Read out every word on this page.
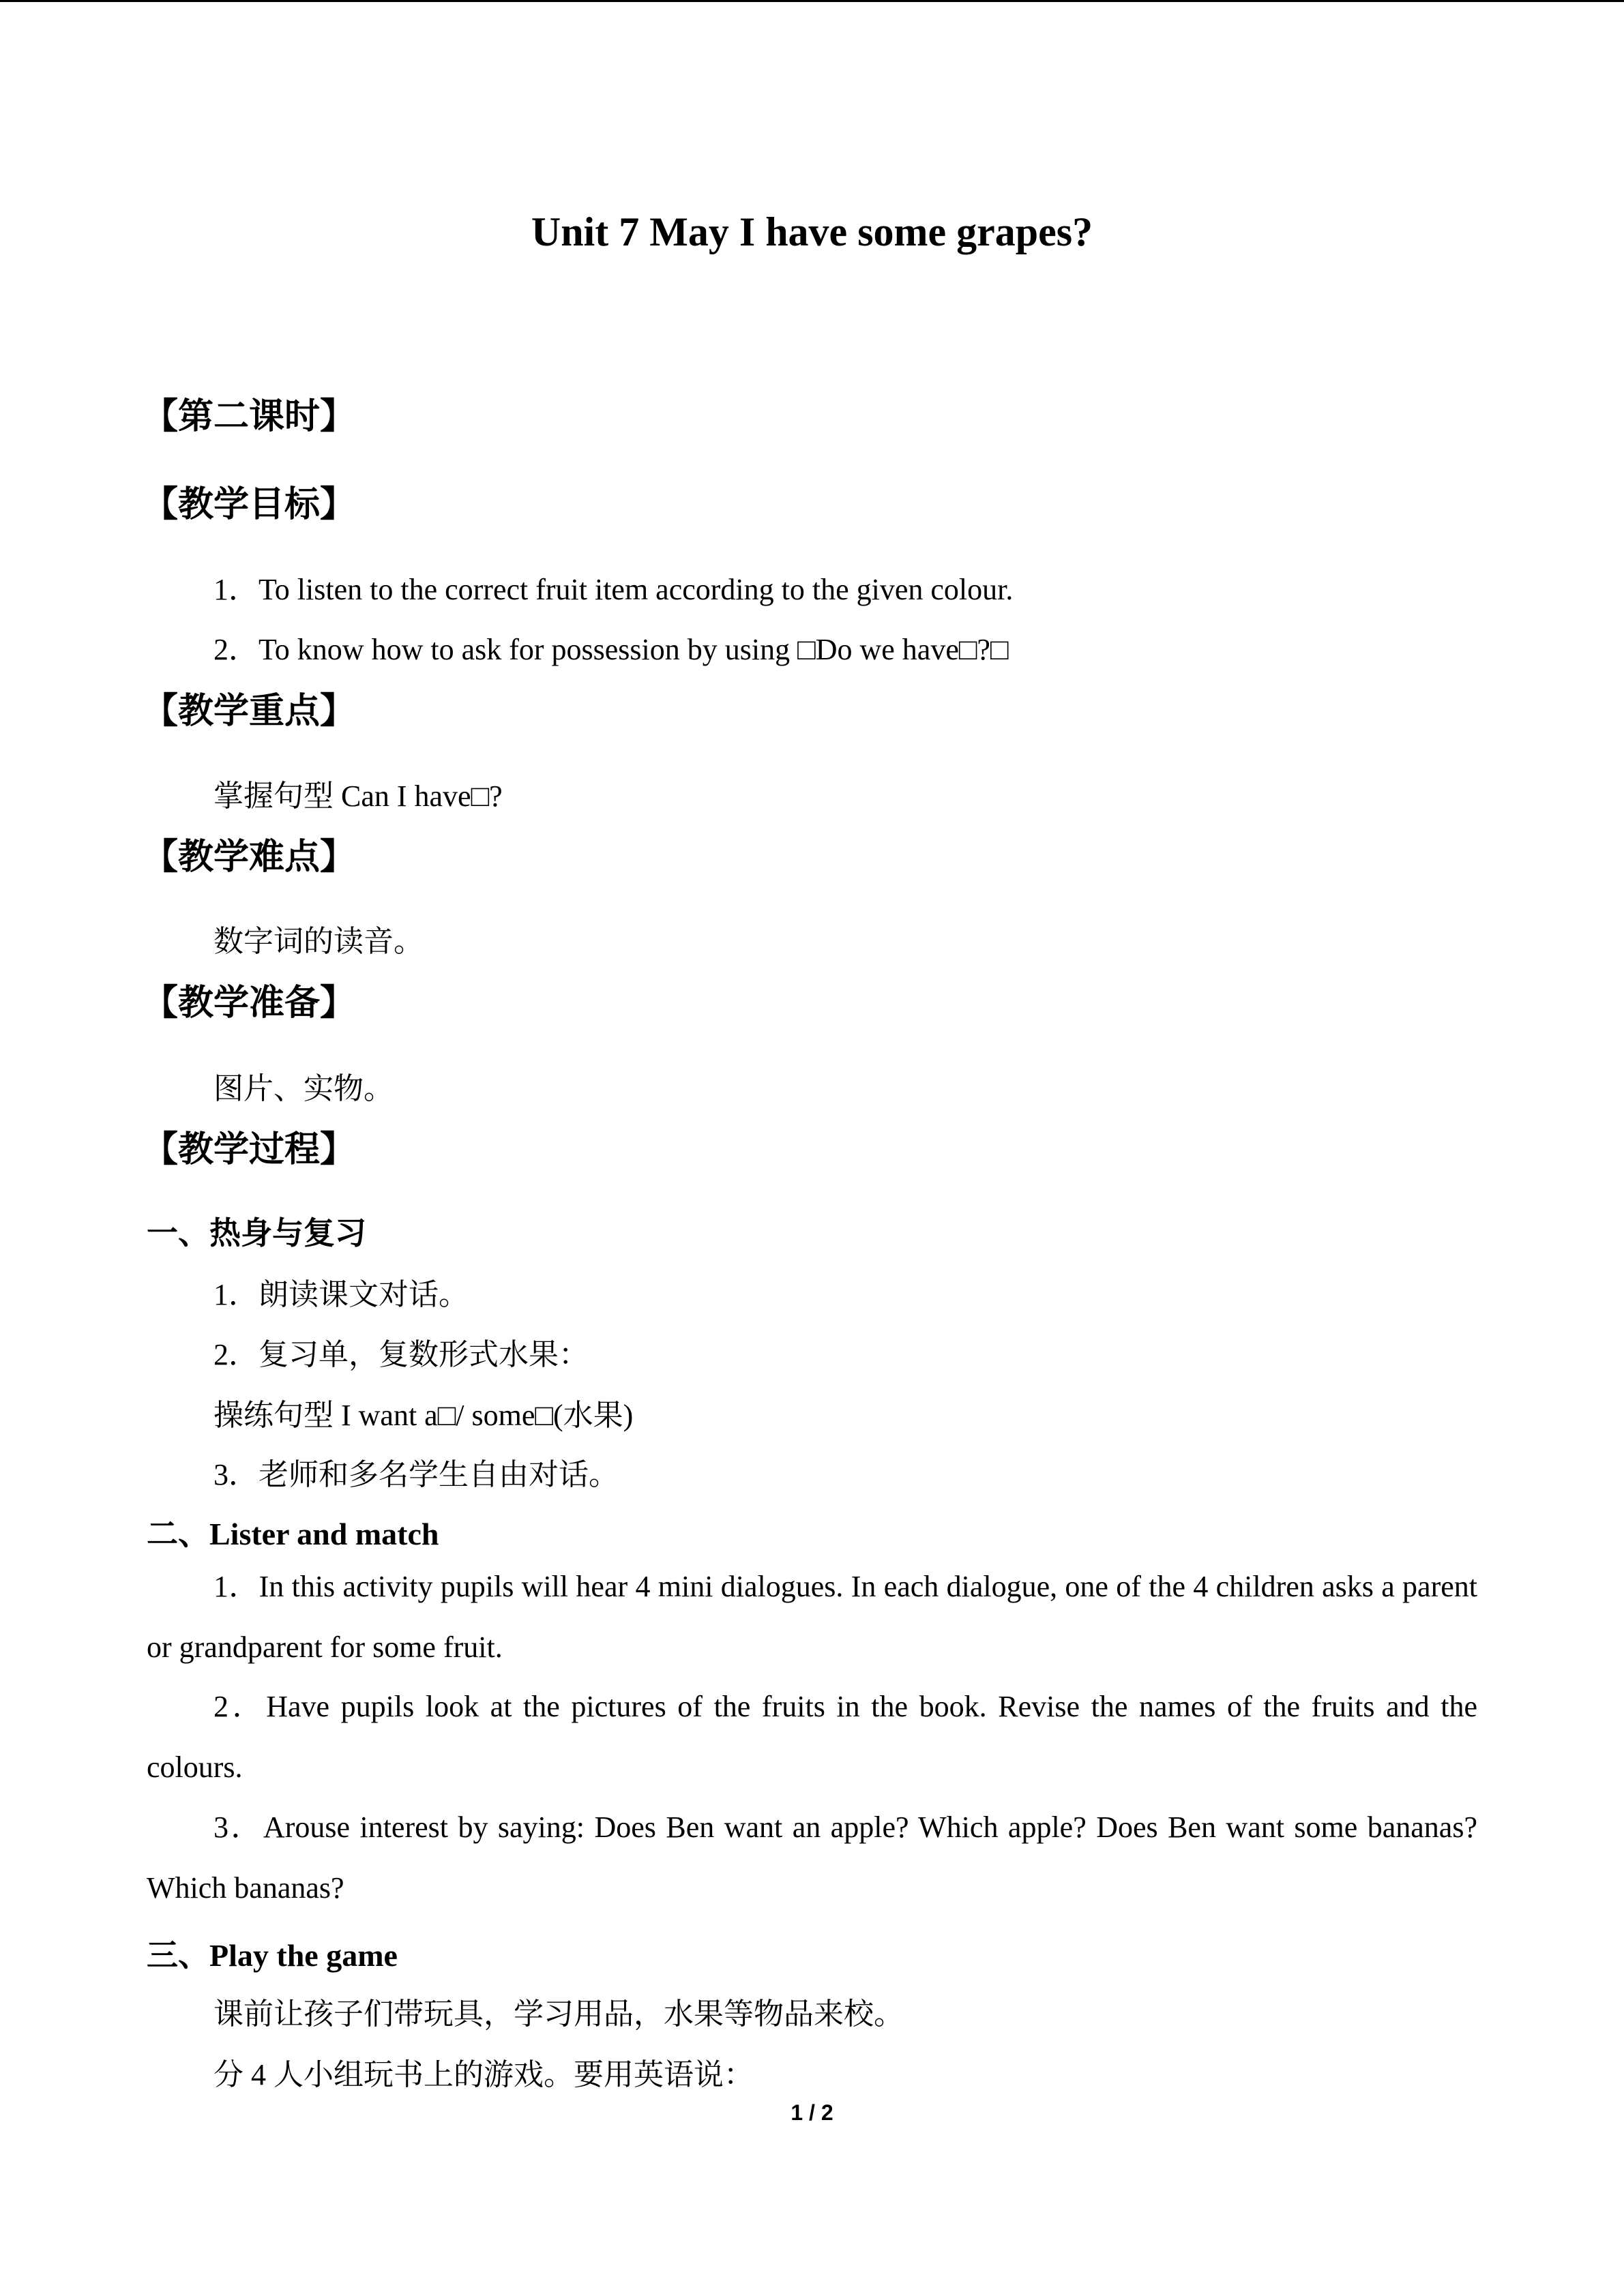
Unit 7 May I have some grapes?
【第二课时】
【教学目标】
1．To listen to the correct fruit item according to the given colour.
2．To know how to ask for possession by using □Do we have□?□
【教学重点】
掌握句型 Can I have□?
【教学难点】
数字词的读音。
【教学准备】
图片、实物。
【教学过程】
一、热身与复习
1．朗读课文对话。
2．复习单，复数形式水果：
操练句型 I want a□/ some□(水果)
3．老师和多名学生自由对话。
二、Lister and match
1．In this activity pupils will hear 4 mini dialogues. In each dialogue, one of the 4 children asks a parent or grandparent for some fruit.
2．Have pupils look at the pictures of the fruits in the book. Revise the names of the fruits and the colours.
3．Arouse interest by saying: Does Ben want an apple? Which apple? Does Ben want some bananas? Which bananas?
三、Play the game
课前让孩子们带玩具，学习用品，水果等物品来校。
分 4 人小组玩书上的游戏。要用英语说：
1 / 2
